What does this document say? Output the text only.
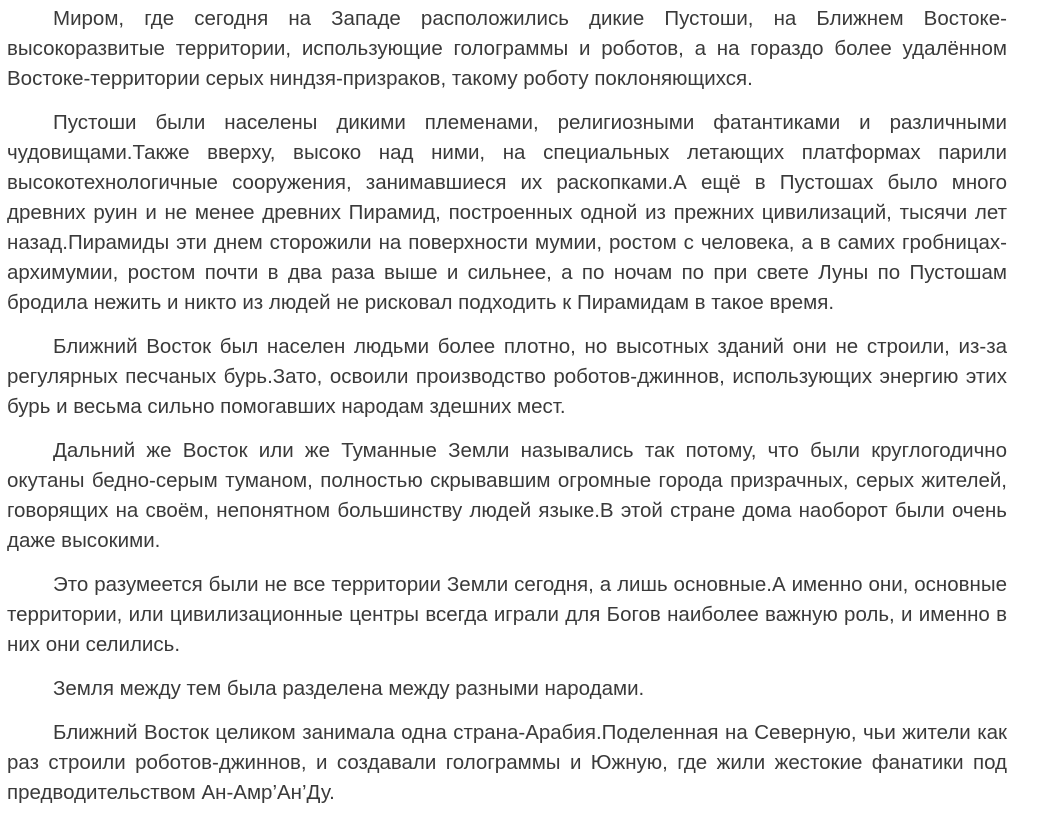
Миром, где сегодня на Западе расположились дикие Пустоши, на Ближнем Востоке-высокоразвитые территории, использующие голограммы и роботов, а на гораздо более удалённом Востоке-территории серых ниндзя-призраков, такому роботу поклоняющихся.

Пустоши были населены дикими племенами, религиозными фатантиками и различными чудовищами.Также вверху, высоко над ними, на специальных летающих платформах парили высокотехнологичные сооружения, занимавшиеся их раскопками.А ещё в Пустошах было много древних руин и не менее древних Пирамид, построенных одной из прежних цивилизаций, тысячи лет назад.Пирамиды эти днем сторожили на поверхности мумии, ростом с человека, а в самих гробницах-архимумии, ростом почти в два раза выше и сильнее, а по ночам по при свете Луны по Пустошам бродила нежить и никто из людей не рисковал подходить к Пирамидам в такое время.

Ближний Восток был населен людьми более плотно, но высотных зданий они не строили, из-за регулярных песчаных бурь.Зато, освоили производство роботов-джиннов, использующих энергию этих бурь и весьма сильно помогавших народам здешних мест.

Дальний же Восток или же Туманные Земли назывались так потому, что были круглогодично окутаны бедно-серым туманом, полностью скрывавшим огромные города призрачных, серых жителей, говорящих на своём, непонятном большинству людей языке.В этой стране дома наоборот были очень даже высокими.

Это разумеется были не все территории Земли сегодня, а лишь основные.А именно они, основные территории, или цивилизационные центры всегда играли для Богов наиболее важную роль, и именно в них они селились.

Земля между тем была разделена между разными народами.

Ближний Восток целиком занимала одна страна-Арабия.Поделенная на Северную, чьи жители как раз строили роботов-джиннов, и создавали голограммы и Южную, где жили жестокие фанатики под предводительством Ан-Амр’Ан’Ду.
